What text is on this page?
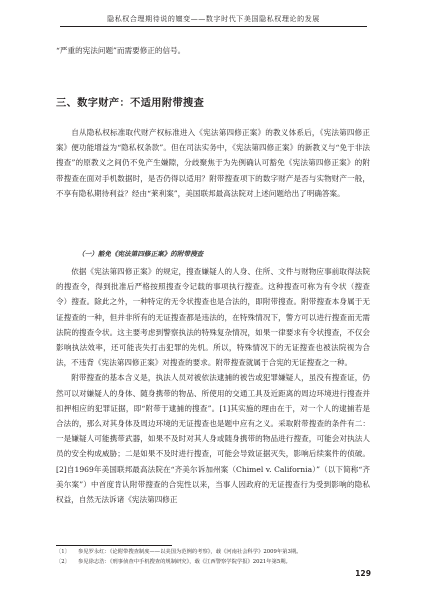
隐私权合理期待说的嬗变——数字时代下美国隐私权理论的发展

“严重的宪法问题”而需要修正的信号。

三、数字财产：不适用附带搜查

自从隐私权标准取代财产权标准进入《宪法第四修正案》的教义体系后，《宪法第四修正案》便功能增益为“隐私权条款”。但在司法实务中，《宪法第四修正案》的新教义与“免于非法搜查”的原教义之间仍不免产生嫌隙，分歧聚焦于为先例确认可豁免《宪法第四修正案》的附带搜查在面对手机数据时，是否仍得以适用？附带搜查项下的数字财产是否与实物财产一般，不享有隐私期待利益？经由“莱利案”，美国联邦最高法院对上述问题给出了明确答案。

（一）豁免《宪法第四修正案》的附带搜查

依据《宪法第四修正案》的规定，搜查嫌疑人的人身、住所、文件与财物应事前取得法院的搜查令，得到批准后严格按照搜查令记载的事项执行搜查。这种搜查可称为有令状（搜查令）搜查。除此之外，一种特定的无令状搜查也是合法的，即附带搜查。附带搜查本身属于无证搜查的一种，但并非所有的无证搜查都是违法的，在特殊情况下，警方可以进行搜查而无需法院的搜查令状。这主要考虑到警察执法的特殊复杂情况，如果一律要求有令状搜查，不仅会影响执法效率，还可能丧失打击犯罪的先机。所以，特殊情况下的无证搜查也被法院视为合法，不违背《宪法第四修正案》对搜查的要求。附带搜查就属于合宪的无证搜查之一种。

附带搜查的基本含义是，执法人员对被依法逮捕的被告或犯罪嫌疑人，虽没有搜查证，仍然可以对嫌疑人的身体、随身携带的物品、所使用的交通工具及近距离的周边环境进行搜查并扣押相应的犯罪证据，即“附带于逮捕的搜查”。[1]其实施的理由在于，对一个人的逮捕若是合法的，那么对其身体及周边环境的无证搜查也是题中应有之义。采取附带搜查的条件有二：一是嫌疑人可能携带武器，如果不及时对其人身或随身携带的物品进行搜查，可能会对执法人员的安全构成威胁；二是如果不及时进行搜查，可能会导致证据灭失，影响后续案件的侦破。[2]自1969年美国联邦最高法院在“齐美尔诉加州案（Chimel v. California）”（以下简称“齐美尔案”）中首度肯认附带搜查的合宪性以来，当事人因政府的无证搜查行为受到影响的隐私权益，自然无法诉诸《宪法第四修正

〔1〕 参见罗永红：《论附带搜查制度——以美国为范例的考察》，载《河南社会科学》2009年第3期。
〔2〕 参见徐志浩：《刑事侦查中手机搜查的规制研究》，载《江西警察学院学报》2021年第5期。
129
